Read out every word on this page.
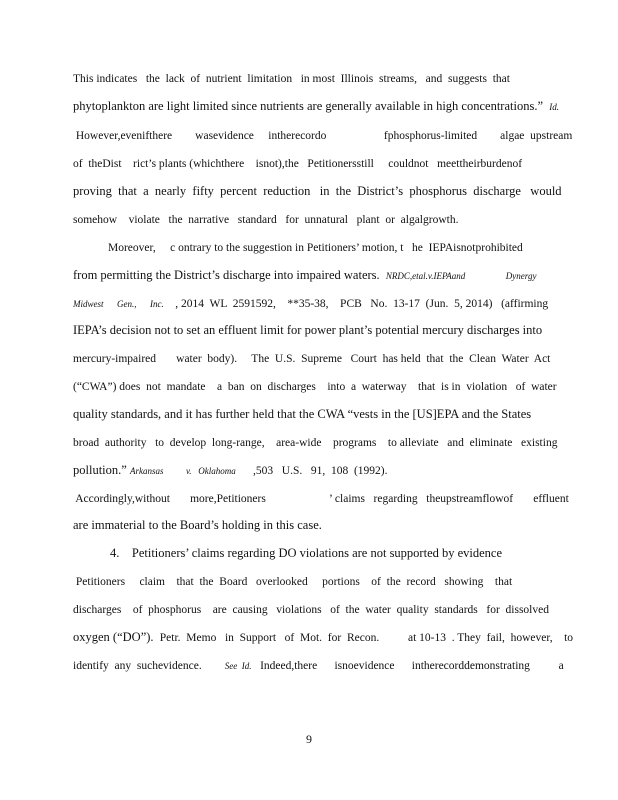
This indicates   the  lack  of  nutrient  limitation   in most  Illinois  streams,   and  suggests  that
phytoplankton are light limited since nutrients are generally available in high concentrations.”  Id.
However,evenifthere        wasevidence     intherecordo                    fphosphorus-limited        algae  upstream
of  theDist    rict’s plants (whichthere    isnot),the   Petitionersstill     couldnot   meettheirburdenof
proving  that  a  nearly  fifty  percent  reduction   in  the  District’s  phosphorus  discharge   would
somehow    violate   the  narrative   standard   for  unnatural   plant  or  algalgrowth.
Moreover,     c ontrary to the suggestion in Petitioners’ motion, t   he  IEPAisnotprohibited
from permitting the District’s discharge into impaired waters.  NRDC,etal.v.IEPAand                  Dynergy
Midwest      Gen.,      Inc.    , 2014  WL  2591592,    **35-38,    PCB   No.  13-17  (Jun.  5, 2014)   (affirming
IEPA’s decision not to set an effluent limit for power plant’s potential mercury discharges into
mercury-impaired       water  body).     The  U.S.  Supreme   Court  has held  that  the  Clean  Water  Act
(“CWA”) does  not  mandate    a  ban  on  discharges    into  a  waterway    that  is in  violation   of  water
quality standards, and it has further held that the CWA “vests in the [US]EPA and the States
broad  authority   to  develop  long-range,    area-wide    programs    to alleviate   and  eliminate   existing
pollution.” Arkansas          v.   Oklahoma      ,503   U.S.   91,  108  (1992).
Accordingly,without       more,Petitioners                      ’ claims   regarding   theupstreamflowof       effluent
are immaterial to the Board’s holding in this case.
4.    Petitioners’ claims regarding DO violations are not supported by evidence
Petitioners     claim    that  the  Board   overlooked     portions    of  the  record   showing    that
discharges    of  phosphorus    are  causing   violations   of  the  water  quality  standards   for  dissolved
oxygen (“DO”).  Petr.  Memo   in  Support   of  Mot.  for  Recon.          at 10-13  . They  fail,  however,    to
identify  any  suchevidence.        See  Id.   Indeed,there      isnoevidence      intherecorddemonstrating          a
9
